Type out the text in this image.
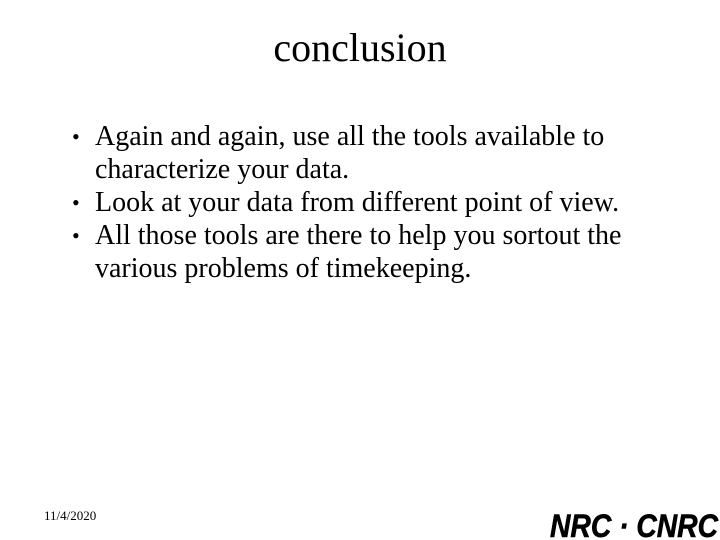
conclusion
• Again and again, use all the tools available to characterize your data.
• Look at your data from different point of view.
• All those tools are there to help you sortout the various problems of timekeeping.
11/4/2020	NRC · CNRC
